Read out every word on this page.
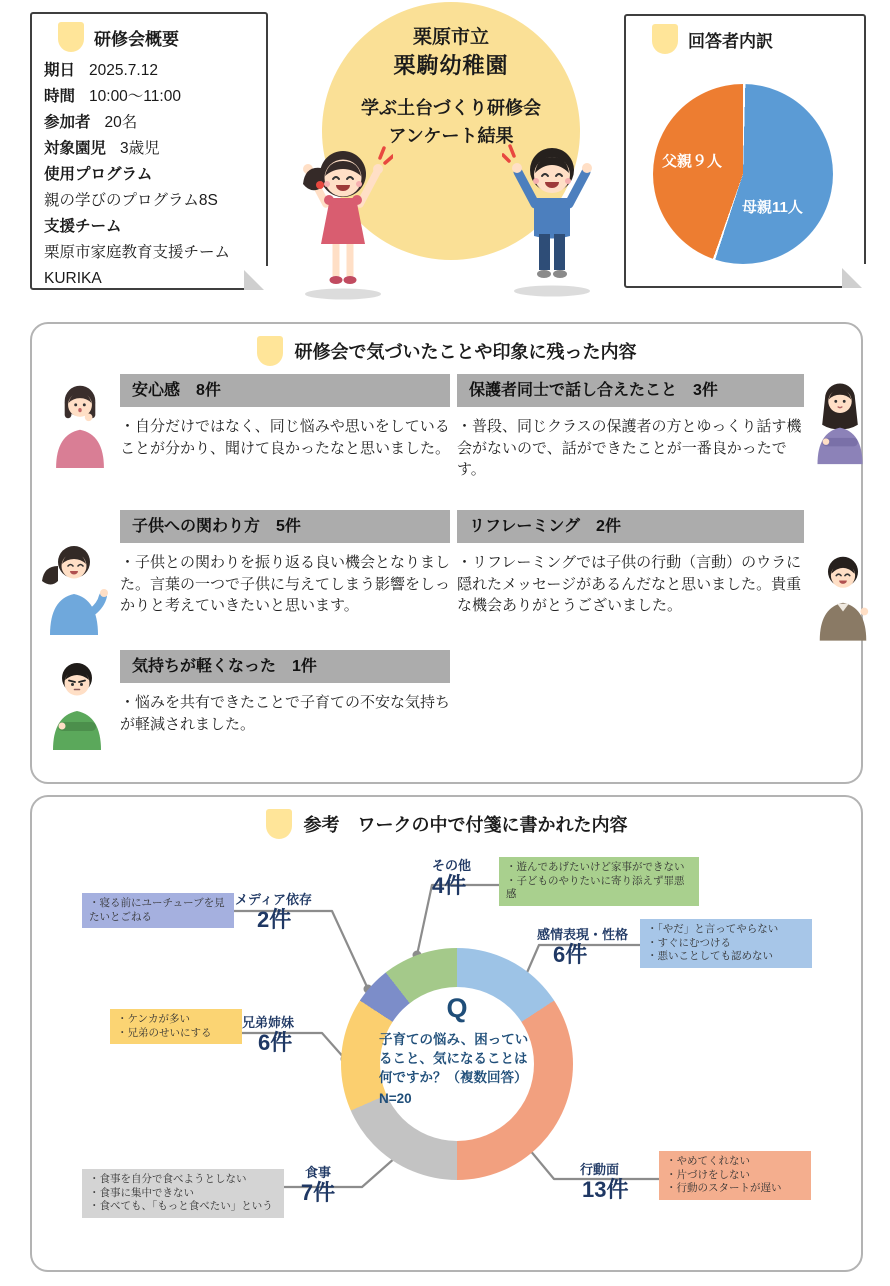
研修会概要
期日 2025.7.12
時間 10:00〜11:00
参加者 20名
対象園児 3歳児
使用プログラム
親の学びのプログラム8S
支援チーム
栗原市家庭教育支援チーム
KURIKA
栗原市立
栗駒幼稚園
学ぶ土台づくり研修会
アンケート結果
回答者内訳
父親９人
母親11人
研修会で気づいたことや印象に残った内容
安心感　8件
・自分だけではなく、同じ悩みや思いをしていることが分かり、聞けて良かったなと思いました。
保護者同士で話し合えたこと　3件
・普段、同じクラスの保護者の方とゆっくり話す機会がないので、話ができたことが一番良かったです。
子供への関わり方　5件
・子供との関わりを振り返る良い機会となりました。言葉の一つで子供に与えてしまう影響をしっかりと考えていきたいと思います。
リフレーミング　2件
・リフレーミングでは子供の行動（言動）のウラに隠れたメッセージがあるんだなと思いました。貴重な機会ありがとうございました。
気持ちが軽くなった　1件
・悩みを共有できたことで子育ての不安な気持ちが軽減されました。
参考　ワークの中で付箋に書かれた内容
Q
子育ての悩み、困っていること、気になることは何ですか？（複数回答）
N=20
その他
4件
感情表現・性格
6件
メディア依存
2件
兄弟姉妹
6件
食事
7件
行動面
13件
・遊んであげたいけど家事ができない
・子どものやりたいに寄り添えず罪悪感
・「やだ」と言ってやらない
・すぐにむつける
・悪いことしても認めない
・寝る前にユーチューブを見たいとごねる
・ケンカが多い
・兄弟のせいにする
・食事を自分で食べようとしない
・食事に集中できない
・食べても、「もっと食べたい」という
・やめてくれない
・片づけをしない
・行動のスタートが遅い
